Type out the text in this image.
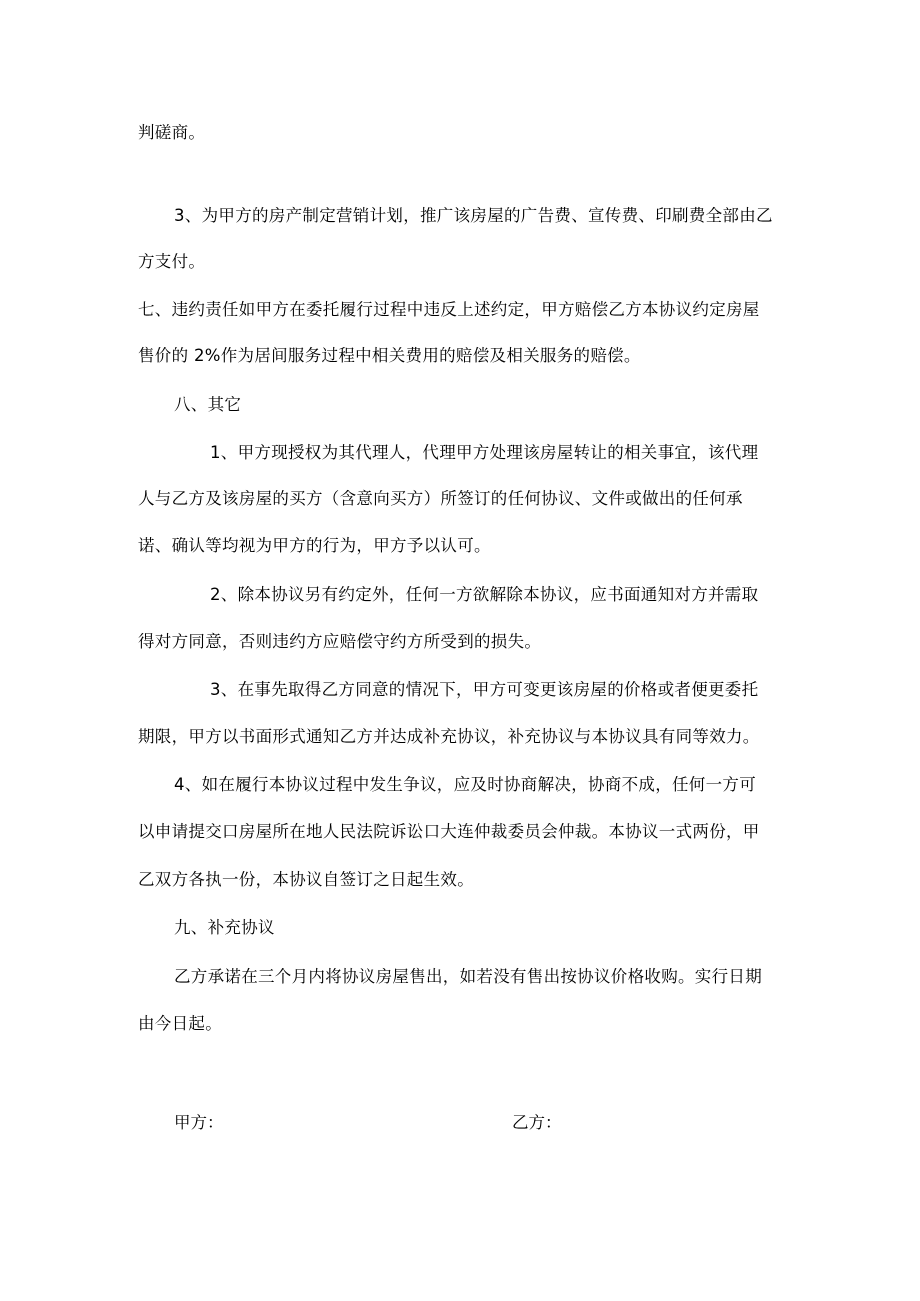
判磋商。
3、为甲方的房产制定营销计划，推广该房屋的广告费、宣传费、印刷费全部由乙
方支付。
七、违约责任如甲方在委托履行过程中违反上述约定，甲方赔偿乙方本协议约定房屋
售价的 2%作为居间服务过程中相关费用的赔偿及相关服务的赔偿。
八、其它
1、甲方现授权为其代理人，代理甲方处理该房屋转让的相关事宜，该代理
人与乙方及该房屋的买方（含意向买方）所签订的任何协议、文件或做出的任何承
诺、确认等均视为甲方的行为，甲方予以认可。
2、除本协议另有约定外，任何一方欲解除本协议，应书面通知对方并需取
得对方同意，否则违约方应赔偿守约方所受到的损失。
3、在事先取得乙方同意的情况下，甲方可变更该房屋的价格或者便更委托
期限，甲方以书面形式通知乙方并达成补充协议，补充协议与本协议具有同等效力。
4、如在履行本协议过程中发生争议，应及时协商解决，协商不成，任何一方可
以申请提交口房屋所在地人民法院诉讼口大连仲裁委员会仲裁。本协议一式两份，甲
乙双方各执一份，本协议自签订之日起生效。
九、补充协议
乙方承诺在三个月内将协议房屋售出，如若没有售出按协议价格收购。实行日期
由今日起。
甲方：	乙方：
